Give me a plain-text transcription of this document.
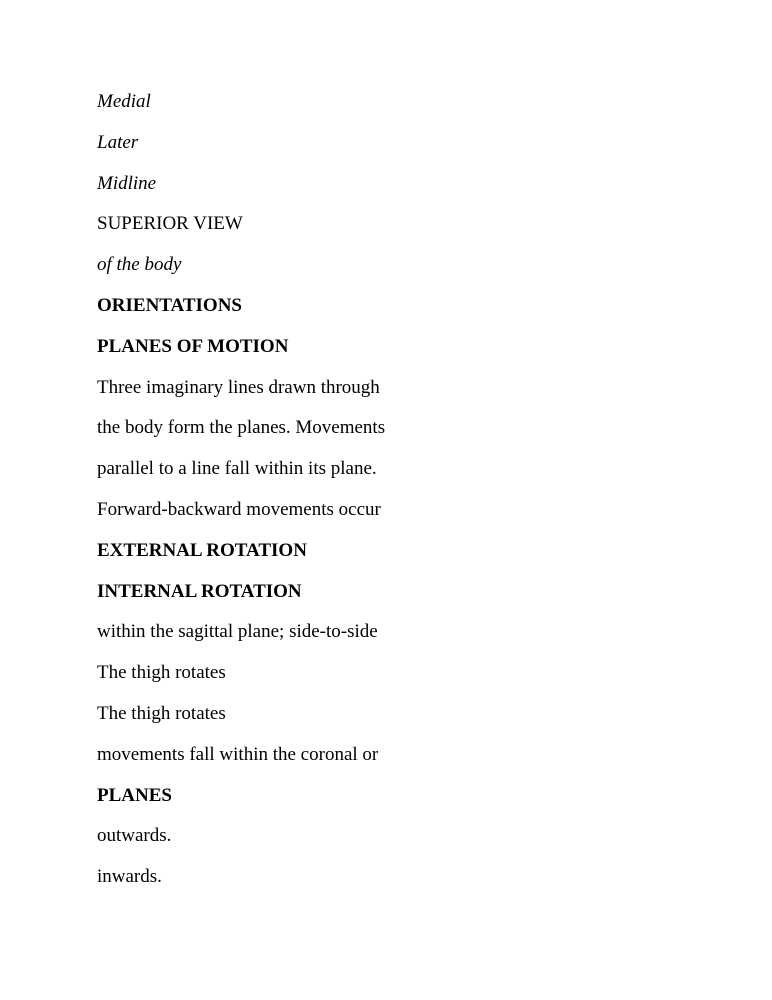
Medial
Later
Midline
SUPERIOR VIEW
of the body
ORIENTATIONS
PLANES OF MOTION
Three imaginary lines drawn through
the body form the planes. Movements
parallel to a line fall within its plane.
Forward-backward movements occur
EXTERNAL ROTATION
INTERNAL ROTATION
within the sagittal plane; side-to-side
The thigh rotates
The thigh rotates
movements fall within the coronal or
PLANES
outwards.
inwards.
